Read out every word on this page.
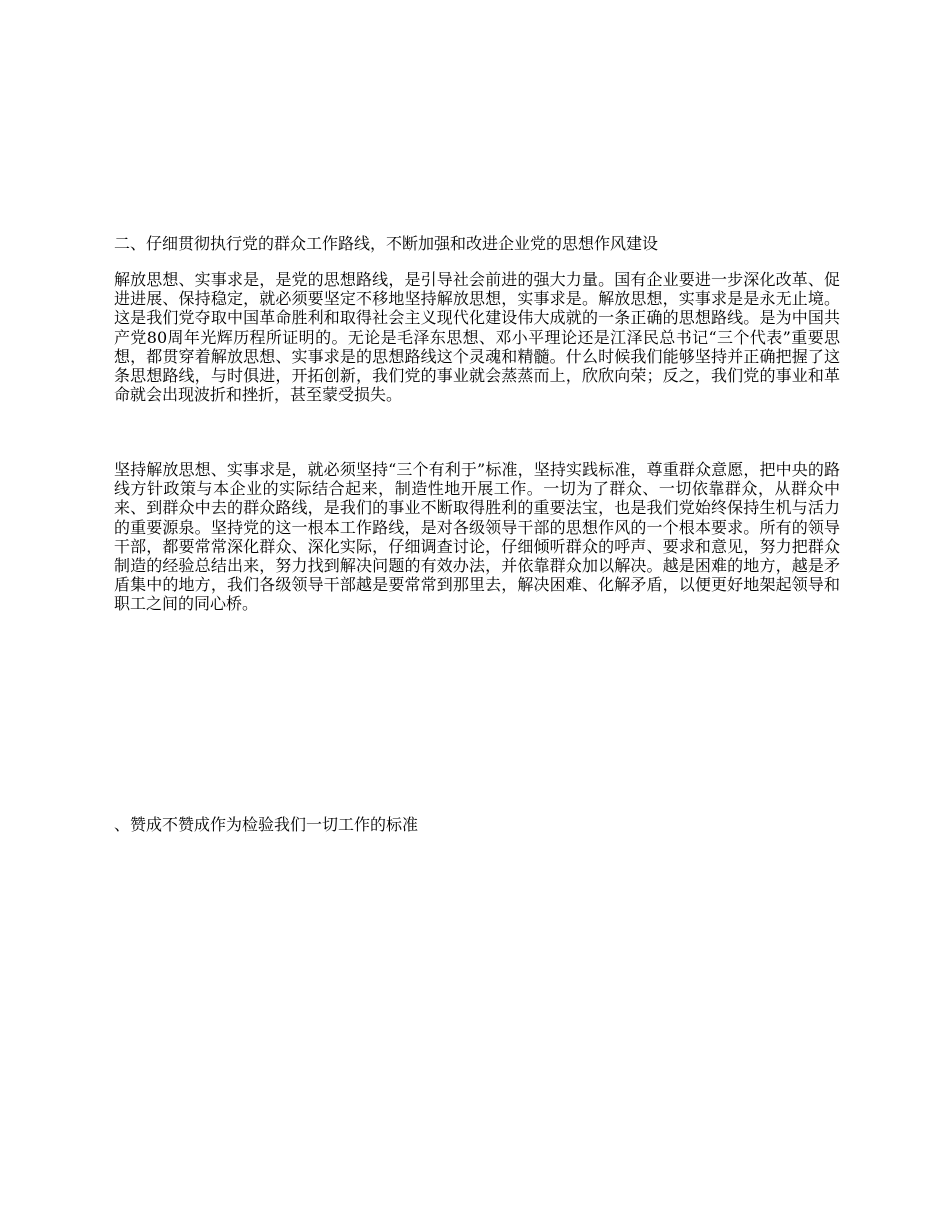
二、仔细贯彻执行党的群众工作路线，不断加强和改进企业党的思想作风建设

解放思想、实事求是，是党的思想路线，是引导社会前进的强大力量。国有企业要进一步深化改革、促进进展、保持稳定，就必须要坚定不移地坚持解放思想，实事求是。解放思想，实事求是是永无止境。这是我们党夺取中国革命胜利和取得社会主义现代化建设伟大成就的一条正确的思想路线。是为中国共产党80周年光辉历程所证明的。无论是毛泽东思想、邓小平理论还是江泽民总书记“三个代表”重要思想，都贯穿着解放思想、实事求是的思想路线这个灵魂和精髓。什么时候我们能够坚持并正确把握了这条思想路线，与时俱进，开拓创新，我们党的事业就会蒸蒸而上，欣欣向荣；反之，我们党的事业和革命就会出现波折和挫折，甚至蒙受损失。

坚持解放思想、实事求是，就必须坚持“三个有利于”标准，坚持实践标准，尊重群众意愿，把中央的路线方针政策与本企业的实际结合起来，制造性地开展工作。一切为了群众、一切依靠群众，从群众中来、到群众中去的群众路线，是我们的事业不断取得胜利的重要法宝，也是我们党始终保持生机与活力的重要源泉。坚持党的这一根本工作路线，是对各级领导干部的思想作风的一个根本要求。所有的领导干部，都要常常深化群众、深化实际，仔细调查讨论，仔细倾听群众的呼声、要求和意见，努力把群众制造的经验总结出来，努力找到解决问题的有效办法，并依靠群众加以解决。越是困难的地方，越是矛盾集中的地方，我们各级领导干部越是要常常到那里去，解决困难、化解矛盾，以便更好地架起领导和职工之间的同心桥。

、赞成不赞成作为检验我们一切工作的标准
